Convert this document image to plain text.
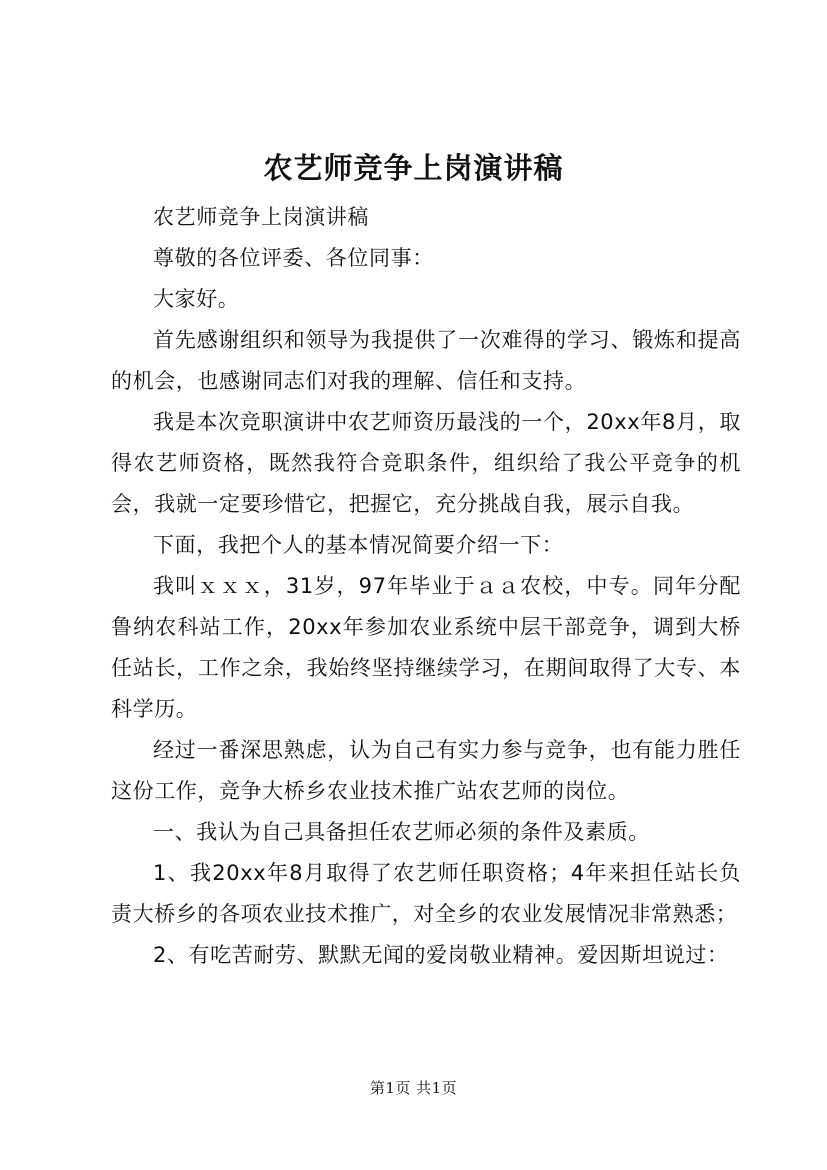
农艺师竞争上岗演讲稿

农艺师竞争上岗演讲稿

尊敬的各位评委、各位同事：

大家好。

首先感谢组织和领导为我提供了一次难得的学习、锻炼和提高的机会，也感谢同志们对我的理解、信任和支持。

我是本次竞职演讲中农艺师资历最浅的一个，20xx年8月，取得农艺师资格，既然我符合竞职条件，组织给了我公平竞争的机会，我就一定要珍惜它，把握它，充分挑战自我，展示自我。

下面，我把个人的基本情况简要介绍一下：

我叫ｘｘｘ，31岁，97年毕业于ａａ农校，中专。同年分配鲁纳农科站工作，20xx年参加农业系统中层干部竞争，调到大桥任站长，工作之余，我始终坚持继续学习，在期间取得了大专、本科学历。

经过一番深思熟虑，认为自己有实力参与竞争，也有能力胜任这份工作，竞争大桥乡农业技术推广站农艺师的岗位。

一、我认为自己具备担任农艺师必须的条件及素质。

1、我20xx年8月取得了农艺师任职资格；4年来担任站长负责大桥乡的各项农业技术推广，对全乡的农业发展情况非常熟悉；

2、有吃苦耐劳、默默无闻的爱岗敬业精神。爱因斯坦说过：

第1页 共1页
